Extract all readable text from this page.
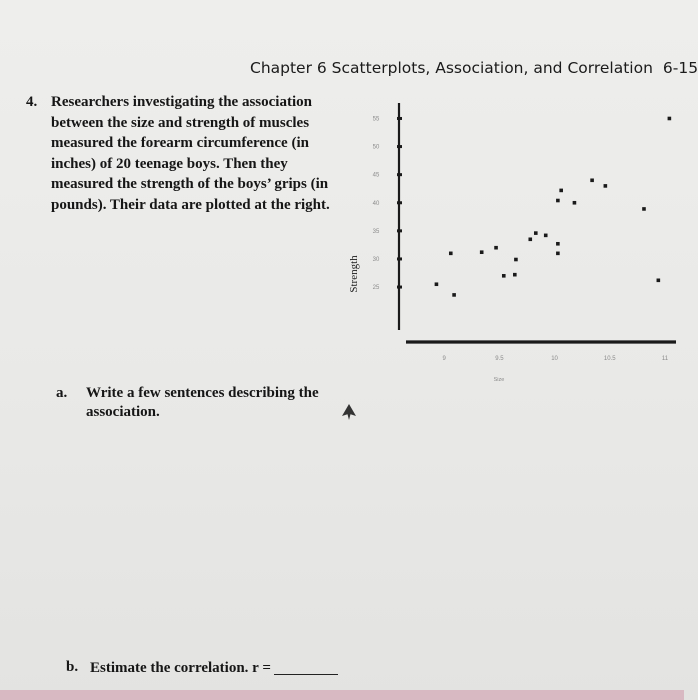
Chapter 6 Scatterplots, Association, and Correlation 6-15
4. Researchers investigating the association between the size and strength of muscles measured the forearm circumference (in inches) of 20 teenage boys. Then they measured the strength of the boys’ grips (in pounds). Their data are plotted at the right.
25
30
35
40
45
50
55
9	9.5	10	10.5	11
Strength
Size
a. Write a few sentences describing the association.
b. Estimate the correlation. r =
